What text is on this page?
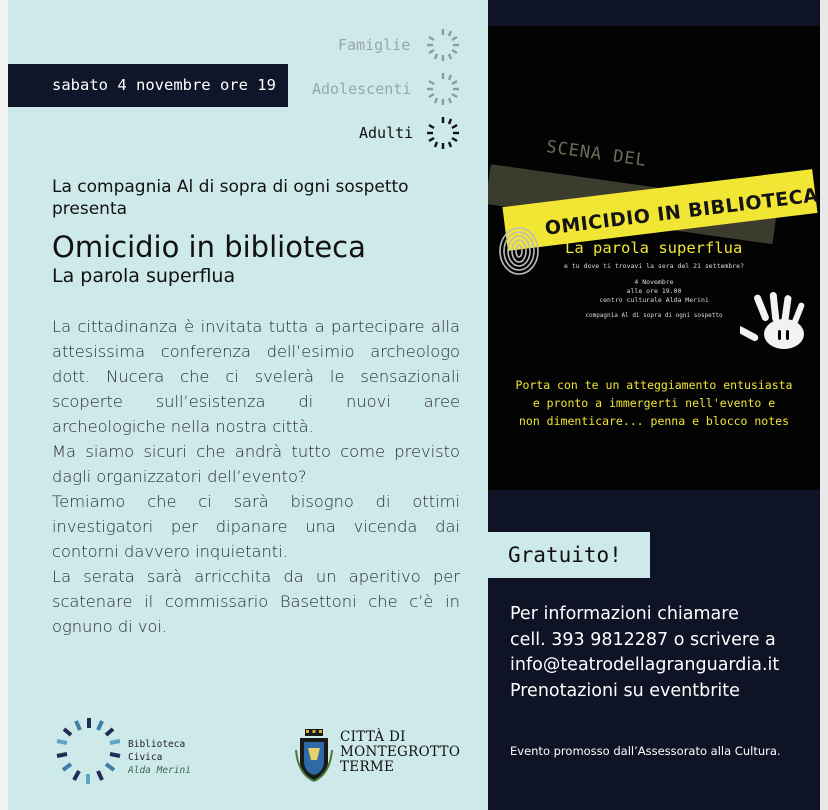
sabato 4 novembre ore 19
Famiglie
Adolescenti
Adulti
La compagnia Al di sopra di ogni sospetto
presenta
Omicidio in biblioteca
La parola superflua

La cittadinanza è invitata tutta a partecipare alla attesissima conferenza dell’esimio archeologo dott. Nucera che ci svelerà le sensazionali scoperte sull’esistenza di nuovi aree archeologiche nella nostra città.

Ma siamo sicuri che andrà tutto come previsto dagli organizzatori dell’evento?

Temiamo che ci sarà bisogno di ottimi investigatori per dipanare una vicenda dai contorni davvero inquietanti.

La serata sarà arricchita da un aperitivo per scatenare il commissario Basettoni che c’è in ognuno di voi.

Biblioteca
Civica
Alda Merini
CITTÀ DI
MONTEGROTTO
TERME
SCENA DEL
OMICIDIO IN BIBLIOTECA
La parola superflua
e tu dove ti trovavi la sera del 21 settembre?
4 Novembre
alle ore 19.00
centro culturale Alda Merini
compagnia Al di sopra di ogni sospetto
Porta con te un atteggiamento entusiasta
e pronto a immergerti nell'evento e
non dimenticare... penna e blocco notes
Gratuito!
Per informazioni chiamare
cell. 393 9812287 o scrivere a
info@teatrodellagranguardia.it
Prenotazioni su eventbrite
Evento promosso dall’Assessorato alla Cultura.
